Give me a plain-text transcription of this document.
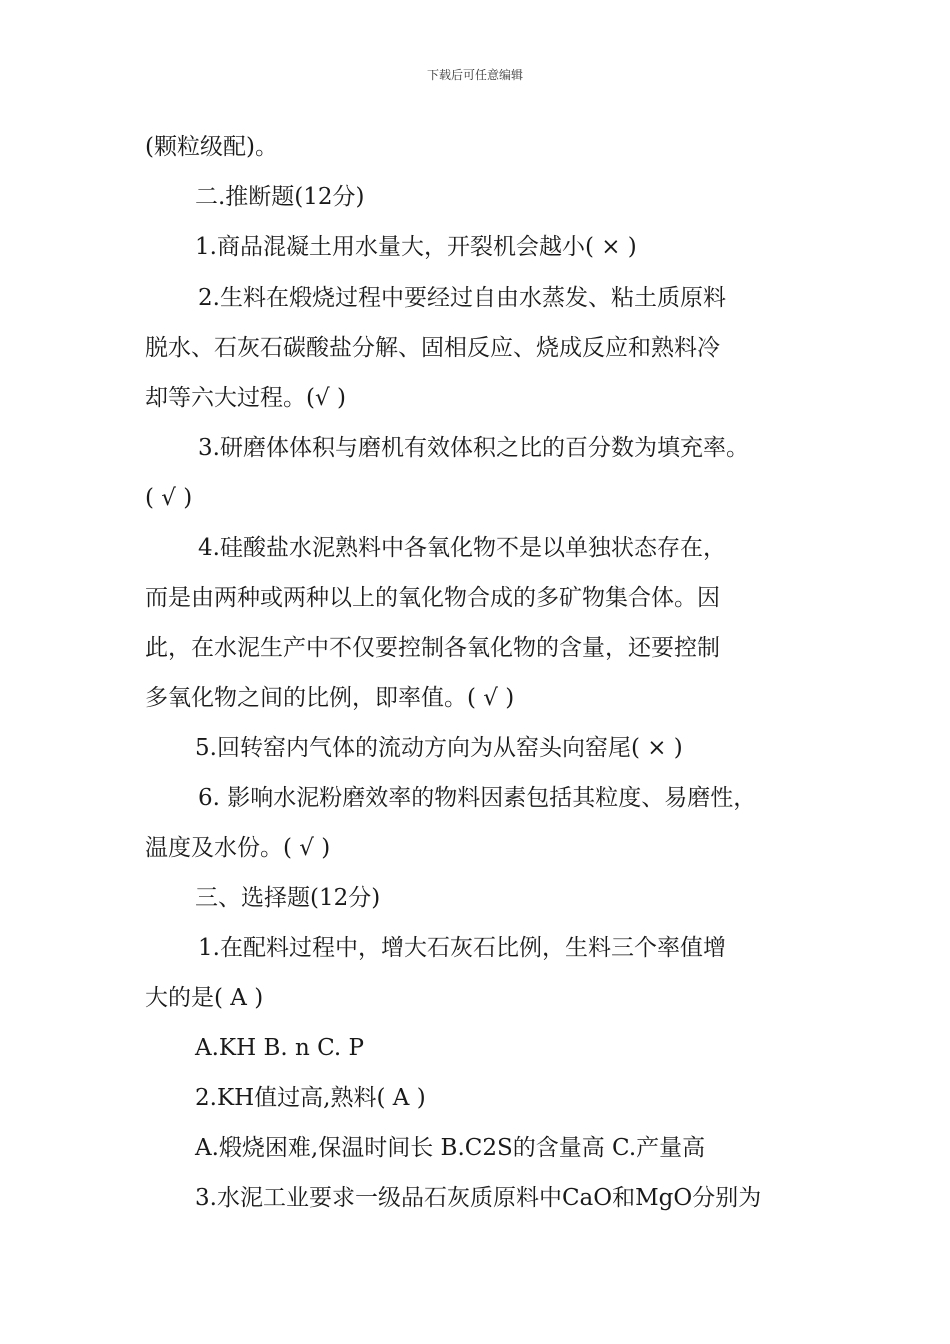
下载后可任意编辑
(颗粒级配)。
二.推断题(12分)
1.商品混凝土用水量大，开裂机会越小( × )
2.生料在煅烧过程中要经过自由水蒸发、粘土质原料
脱水、石灰石碳酸盐分解、固相反应、烧成反应和熟料冷
却等六大过程。(√ )
3.研磨体体积与磨机有效体积之比的百分数为填充率。
( √ )
4.硅酸盐水泥熟料中各氧化物不是以单独状态存在，
而是由两种或两种以上的氧化物合成的多矿物集合体。因
此，在水泥生产中不仅要控制各氧化物的含量，还要控制
多氧化物之间的比例，即率值。( √ )
5.回转窑内气体的流动方向为从窑头向窑尾( × )
6. 影响水泥粉磨效率的物料因素包括其粒度、易磨性，
温度及水份。( √ )
三、选择题(12分)
1.在配料过程中，增大石灰石比例，生料三个率值增
大的是( A )
A.KH B. n C. P
2.KH值过高,熟料( A )
A.煅烧困难,保温时间长 B.C2S的含量高 C.产量高
3.水泥工业要求一级品石灰质原料中CaO和MgO分别为
